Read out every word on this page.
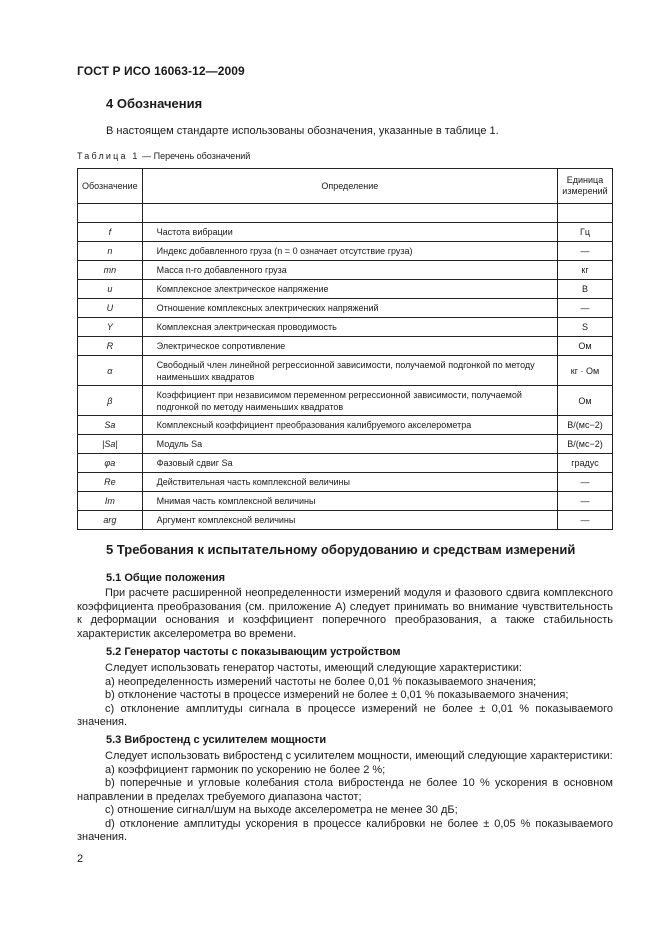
ГОСТ Р ИСО 16063-12—2009
4 Обозначения
В настоящем стандарте использованы обозначения, указанные в таблице 1.
Таблица 1 — Перечень обозначений
Обозначение	Определение	Единица
измерений

f	Частота вибрации	Гц
n	Индекс добавленного груза (n = 0 означает отсутствие груза)	—
mn	Масса n-го добавленного груза	кг
u	Комплексное электрическое напряжение	В
U	Отношение комплексных электрических напряжений	—
Y	Комплексная электрическая проводимость	S
R	Электрическое сопротивление	Ом
α	Свободный член линейной регрессионной зависимости, получаемой подгонкой по методу наименьших квадратов	кг · Ом
β	Коэффициент при независимом переменном регрессионной зависимости, получаемой подгонкой по методу наименьших квадратов	Ом
Sa	Комплексный коэффициент преобразования калибруемого акселерометра	В/(мс−2)
|Sa|	Модуль Sa	В/(мс−2)
φa	Фазовый сдвиг Sa	градус
Re	Действительная часть комплексной величины	—
Im	Мнимая часть комплексной величины	—
arg	Аргумент комплексной величины	—
5 Требования к испытательному оборудованию и средствам измерений
5.1 Общие положения
При расчете расширенной неопределенности измерений модуля и фазового сдвига комплексного коэффициента преобразования (см. приложение А) следует принимать во внимание чувствительность к деформации основания и коэффициент поперечного преобразования, а также стабильность характеристик акселерометра во времени.
5.2 Генератор частоты с показывающим устройством

Следует использовать генератор частоты, имеющий следующие характеристики:

a) неопределенность измерений частоты не более 0,01 % показываемого значения;

b) отклонение частоты в процессе измерений не более ± 0,01 % показываемого значения;

c) отклонение амплитуды сигнала в процессе измерений не более ± 0,01 % показываемого значения.

5.3 Вибростенд с усилителем мощности

Следует использовать вибростенд с усилителем мощности, имеющий следующие характеристики:

a) коэффициент гармоник по ускорению не более 2 %;

b) поперечные и угловые колебания стола вибростенда не более 10 % ускорения в основном направлении в пределах требуемого диапазона частот;

c) отношение сигнал/шум на выходе акселерометра не менее 30 дБ;

d) отклонение амплитуды ускорения в процессе калибровки не более ± 0,05 % показываемого значения.

2
